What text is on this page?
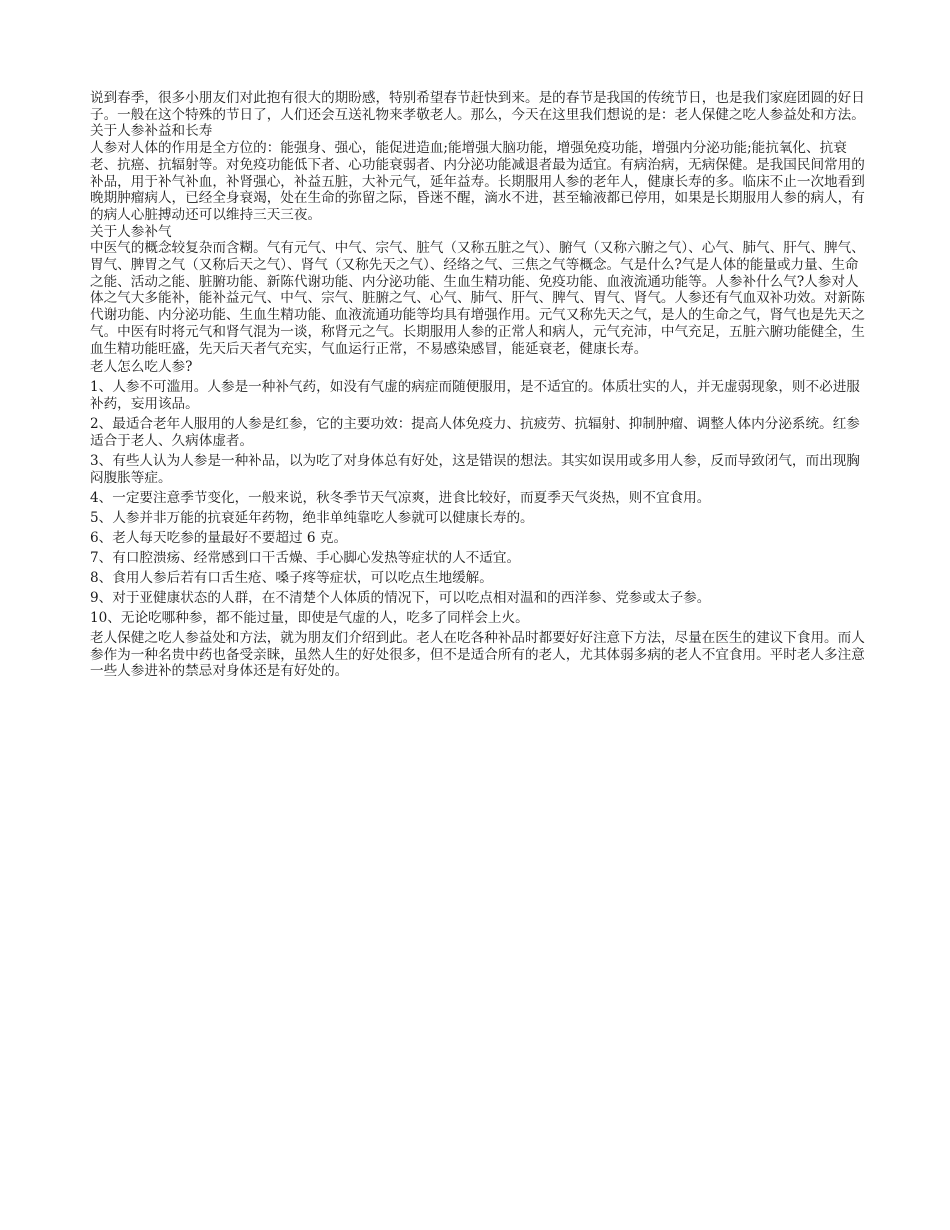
说到春季，很多小朋友们对此抱有很大的期盼感，特别希望春节赶快到来。是的春节是我国的传统节日，也是我们家庭团圆的好日子。一般在这个特殊的节日了，人们还会互送礼物来孝敬老人。那么，今天在这里我们想说的是：老人保健之吃人参益处和方法。

关于人参补益和长寿

人参对人体的作用是全方位的：能强身、强心，能促进造血;能增强大脑功能，增强免疫功能，增强内分泌功能;能抗氧化、抗衰老、抗癌、抗辐射等。对免疫功能低下者、心功能衰弱者、内分泌功能减退者最为适宜。有病治病，无病保健。是我国民间常用的补品，用于补气补血，补肾强心，补益五脏，大补元气，延年益寿。长期服用人参的老年人，健康长寿的多。临床不止一次地看到晚期肿瘤病人，已经全身衰竭，处在生命的弥留之际，昏迷不醒，滴水不进，甚至输液都已停用，如果是长期服用人参的病人，有的病人心脏搏动还可以维持三天三夜。

关于人参补气

中医气的概念较复杂而含糊。气有元气、中气、宗气、脏气（又称五脏之气）、腑气（又称六腑之气）、心气、肺气、肝气、脾气、胃气、脾胃之气（又称后天之气）、肾气（又称先天之气）、经络之气、三焦之气等概念。气是什么?气是人体的能量或力量、生命之能、活动之能、脏腑功能、新陈代谢功能、内分泌功能、生血生精功能、免疫功能、血液流通功能等。人参补什么气?人参对人体之气大多能补，能补益元气、中气、宗气、脏腑之气、心气、肺气、肝气、脾气、胃气、肾气。人参还有气血双补功效。对新陈代谢功能、内分泌功能、生血生精功能、血液流通功能等均具有增强作用。元气又称先天之气，是人的生命之气，肾气也是先天之气。中医有时将元气和肾气混为一谈，称肾元之气。长期服用人参的正常人和病人，元气充沛，中气充足，五脏六腑功能健全，生血生精功能旺盛，先天后天者气充实，气血运行正常，不易感染感冒，能延衰老，健康长寿。

老人怎么吃人参?

1、人参不可滥用。人参是一种补气药，如没有气虚的病症而随便服用，是不适宜的。体质壮实的人，并无虚弱现象，则不必进服补药，妄用该品。

2、最适合老年人服用的人参是红参，它的主要功效：提高人体免疫力、抗疲劳、抗辐射、抑制肿瘤、调整人体内分泌系统。红参适合于老人、久病体虚者。

3、有些人认为人参是一种补品，以为吃了对身体总有好处，这是错误的想法。其实如误用或多用人参，反而导致闭气，而出现胸闷腹胀等症。

4、一定要注意季节变化，一般来说，秋冬季节天气凉爽，进食比较好，而夏季天气炎热，则不宜食用。

5、人参并非万能的抗衰延年药物，绝非单纯靠吃人参就可以健康长寿的。

6、老人每天吃参的量最好不要超过 6 克。

7、有口腔溃疡、经常感到口干舌燥、手心脚心发热等症状的人不适宜。

8、食用人参后若有口舌生疮、嗓子疼等症状，可以吃点生地缓解。

9、对于亚健康状态的人群，在不清楚个人体质的情况下，可以吃点相对温和的西洋参、党参或太子参。

10、无论吃哪种参，都不能过量，即使是气虚的人，吃多了同样会上火。

老人保健之吃人参益处和方法，就为朋友们介绍到此。老人在吃各种补品时都要好好注意下方法，尽量在医生的建议下食用。而人参作为一种名贵中药也备受亲睐，虽然人生的好处很多，但不是适合所有的老人，尤其体弱多病的老人不宜食用。平时老人多注意一些人参进补的禁忌对身体还是有好处的。
